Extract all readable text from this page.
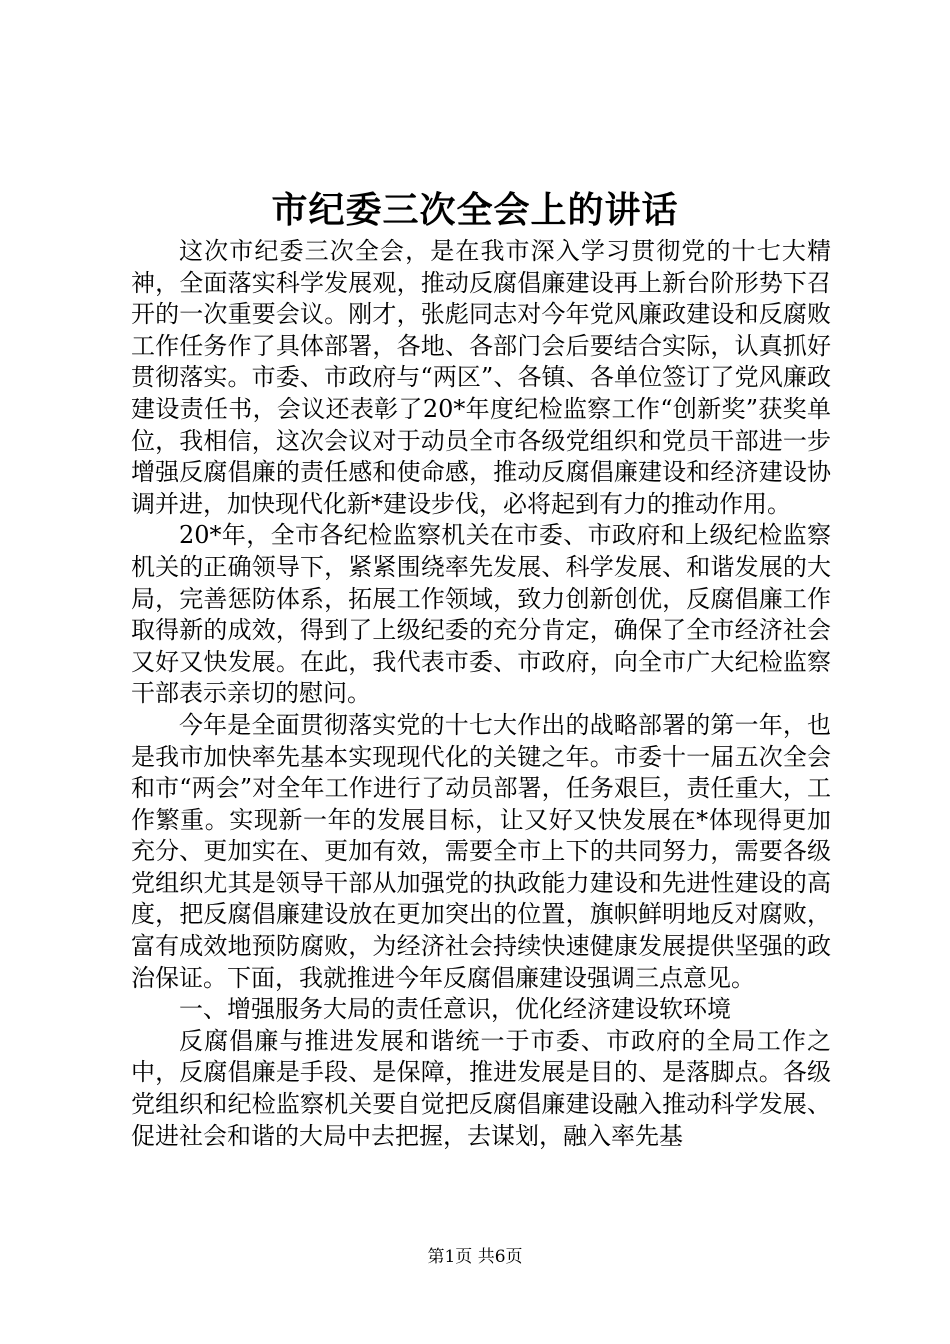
市纪委三次全会上的讲话

这次市纪委三次全会，是在我市深入学习贯彻党的十七大精神，全面落实科学发展观，推动反腐倡廉建设再上新台阶形势下召开的一次重要会议。刚才，张彪同志对今年党风廉政建设和反腐败工作任务作了具体部署，各地、各部门会后要结合实际，认真抓好贯彻落实。市委、市政府与“两区”、各镇、各单位签订了党风廉政建设责任书，会议还表彰了20*年度纪检监察工作“创新奖”获奖单位，我相信，这次会议对于动员全市各级党组织和党员干部进一步增强反腐倡廉的责任感和使命感，推动反腐倡廉建设和经济建设协调并进，加快现代化新*建设步伐，必将起到有力的推动作用。

20*年，全市各纪检监察机关在市委、市政府和上级纪检监察机关的正确领导下，紧紧围绕率先发展、科学发展、和谐发展的大局，完善惩防体系，拓展工作领域，致力创新创优，反腐倡廉工作取得新的成效，得到了上级纪委的充分肯定，确保了全市经济社会又好又快发展。在此，我代表市委、市政府，向全市广大纪检监察干部表示亲切的慰问。

今年是全面贯彻落实党的十七大作出的战略部署的第一年，也是我市加快率先基本实现现代化的关键之年。市委十一届五次全会和市“两会”对全年工作进行了动员部署，任务艰巨，责任重大，工作繁重。实现新一年的发展目标，让又好又快发展在*体现得更加充分、更加实在、更加有效，需要全市上下的共同努力，需要各级党组织尤其是领导干部从加强党的执政能力建设和先进性建设的高度，把反腐倡廉建设放在更加突出的位置，旗帜鲜明地反对腐败，富有成效地预防腐败，为经济社会持续快速健康发展提供坚强的政治保证。下面，我就推进今年反腐倡廉建设强调三点意见。

一、增强服务大局的责任意识，优化经济建设软环境

反腐倡廉与推进发展和谐统一于市委、市政府的全局工作之中，反腐倡廉是手段、是保障，推进发展是目的、是落脚点。各级党组织和纪检监察机关要自觉把反腐倡廉建设融入推动科学发展、促进社会和谐的大局中去把握，去谋划，融入率先基

第1页 共6页
